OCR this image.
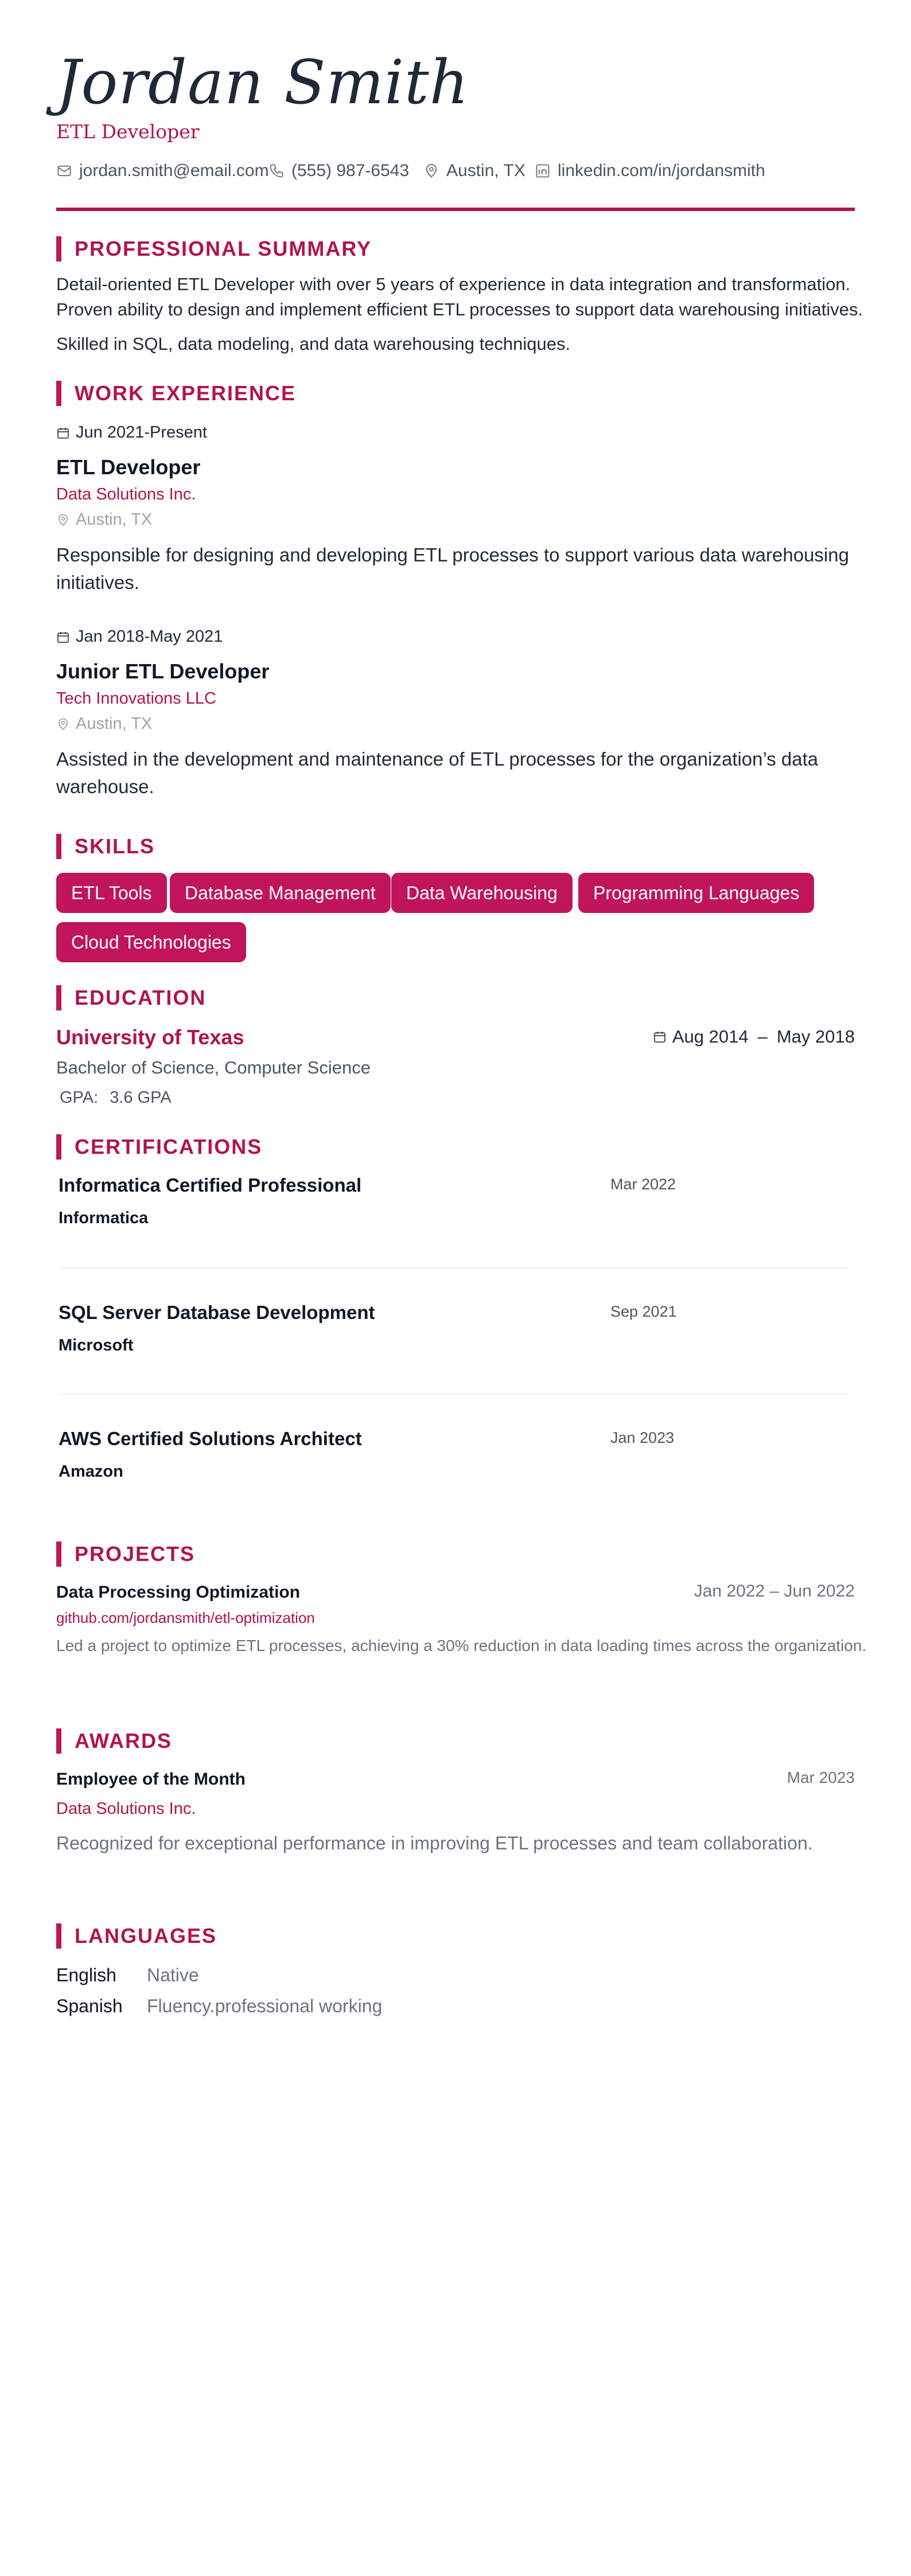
Jordan Smith
ETL Developer
jordan.smith@email.com (555) 987-6543 Austin, TX linkedin.com/in/jordansmith
PROFESSIONAL SUMMARY
Detail-oriented ETL Developer with over 5 years of experience in data integration and transformation.
Proven ability to design and implement efficient ETL processes to support data warehousing initiatives.
Skilled in SQL, data modeling, and data warehousing techniques.
WORK EXPERIENCE
Jun 2021-Present
ETL Developer
Data Solutions Inc.
Austin, TX
Responsible for designing and developing ETL processes to support various data warehousing
initiatives.
Jan 2018-May 2021
Junior ETL Developer
Tech Innovations LLC
Austin, TX
Assisted in the development and maintenance of ETL processes for the organization’s data
warehouse.
SKILLS
ETL Tools	Database Management	Data Warehousing	Programming Languages
Cloud Technologies
EDUCATION
University of Texas	Aug 2014 – May 2018
Bachelor of Science, Computer Science
GPA: 3.6 GPA
CERTIFICATIONS
Informatica Certified Professional	Mar 2022
Informatica
SQL Server Database Development	Sep 2021
Microsoft
AWS Certified Solutions Architect	Jan 2023
Amazon
PROJECTS
Data Processing Optimization	Jan 2022 – Jun 2022
github.com/jordansmith/etl-optimization
Led a project to optimize ETL processes, achieving a 30% reduction in data loading times across the organization.
AWARDS
Employee of the Month	Mar 2023
Data Solutions Inc.
Recognized for exceptional performance in improving ETL processes and team collaboration.
LANGUAGES
English Native
Spanish Fluency.professional working
